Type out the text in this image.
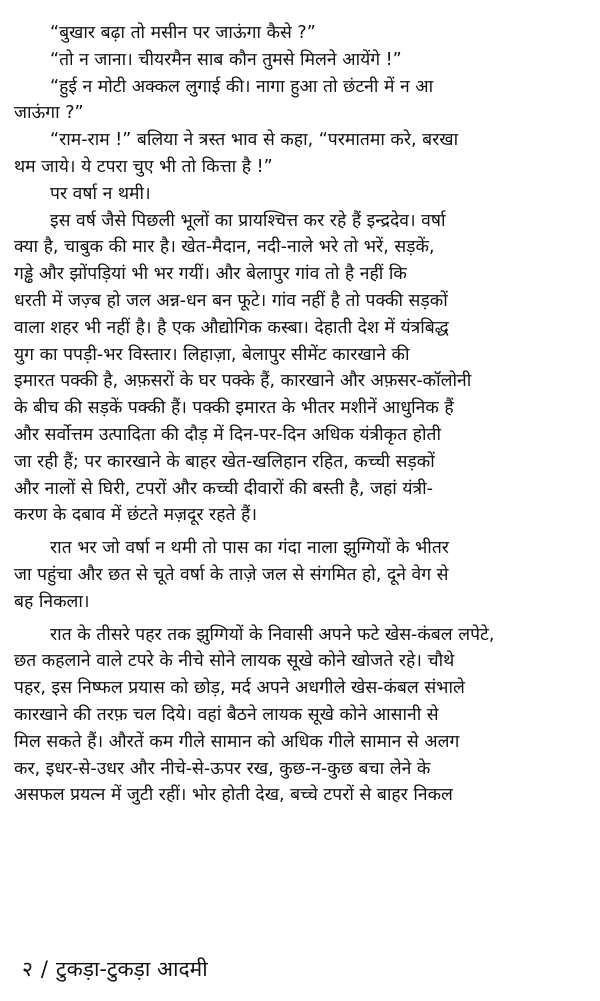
“बुखार बढ़ा तो मसीन पर जाऊंगा कैसे ?”

“तो न जाना। चीयरमैन साब कौन तुमसे मिलने आयेंगे !”

“हुई न मोटी अक्कल लुगाई की। नागा हुआ तो छंटनी में न आ
जाऊंगा ?”

“राम-राम !” बलिया ने त्रस्त भाव से कहा, “परमातमा करे, बरखा
थम जाये। ये टपरा चुए भी तो कित्ता है !”

पर वर्षा न थमी।

इस वर्ष जैसे पिछली भूलों का प्रायश्चित्त कर रहे हैं इन्द्रदेव। वर्षा
क्या है, चाबुक की मार है। खेत-मैदान, नदी-नाले भरे तो भरें, सड़कें,
गड्ढे और झोंपड़ियां भी भर गयीं। और बेलापुर गांव तो है नहीं कि
धरती में जज़्ब हो जल अन्न-धन बन फूटे। गांव नहीं है तो पक्की सड़कों
वाला शहर भी नहीं है। है एक औद्योगिक कस्बा। देहाती देश में यंत्रबिद्ध
युग का पपड़ी-भर विस्तार। लिहाज़ा, बेलापुर सीमेंट कारखाने की
इमारत पक्की है, अफ़सरों के घर पक्के हैं, कारखाने और अफ़सर-कॉलोनी
के बीच की सड़कें पक्की हैं। पक्की इमारत के भीतर मशीनें आधुनिक हैं
और सर्वोत्तम उत्पादिता की दौड़ में दिन-पर-दिन अधिक यंत्रीकृत होती
जा रही हैं; पर कारखाने के बाहर खेत-खलिहान रहित, कच्ची सड़कों
और नालों से घिरी, टपरों और कच्ची दीवारों की बस्ती है, जहां यंत्री-
करण के दबाव में छंटते मज़दूर रहते हैं।

रात भर जो वर्षा न थमी तो पास का गंदा नाला झुग्गियों के भीतर
जा पहुंचा और छत से चूते वर्षा के ताज़े जल से संगमित हो, दूने वेग से
बह निकला।

रात के तीसरे पहर तक झुग्गियों के निवासी अपने फटे खेस-कंबल लपेटे,
छत कहलाने वाले टपरे के नीचे सोने लायक सूखे कोने खोजते रहे। चौथे
पहर, इस निष्फल प्रयास को छोड़, मर्द अपने अधगीले खेस-कंबल संभाले
कारखाने की तरफ़ चल दिये। वहां बैठने लायक सूखे कोने आसानी से
मिल सकते हैं। औरतें कम गीले सामान को अधिक गीले सामान से अलग
कर, इधर-से-उधर और नीचे-से-ऊपर रख, कुछ-न-कुछ बचा लेने के
असफल प्रयत्न में जुटी रहीं। भोर होती देख, बच्चे टपरों से बाहर निकल

२ / टुकड़ा-टुकड़ा आदमी
